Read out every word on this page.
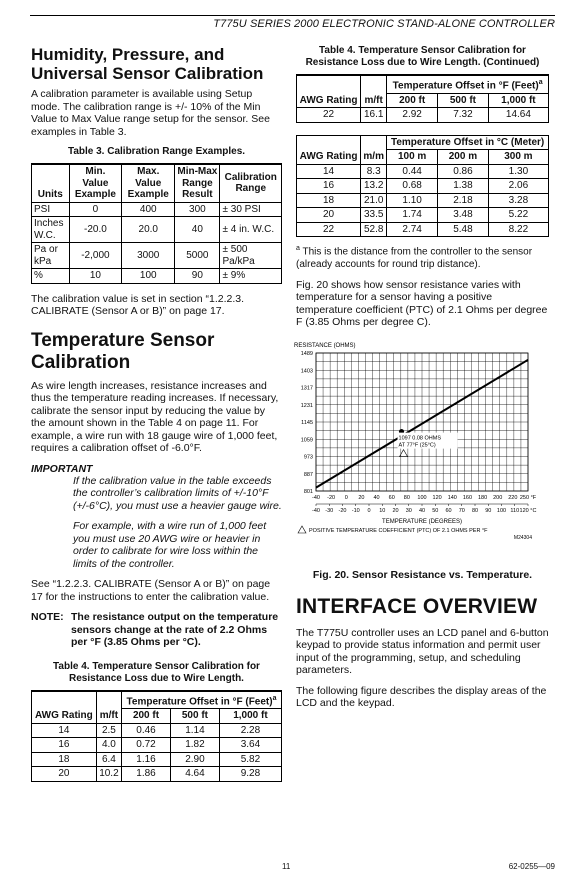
T775U SERIES 2000 ELECTRONIC STAND-ALONE CONTROLLER
Humidity, Pressure, and Universal Sensor Calibration

A calibration parameter is available using Setup mode. The calibration range is +/- 10% of the Min Value to Max Value range setup for the sensor. See examples in Table 3.

Table 3. Calibration Range Examples.
Units	Min. Value Example	Max. Value Example	Min-Max Range Result	Calibration Range
PSI	0	400	300	± 30 PSI
Inches W.C.	-20.0	20.0	40	± 4 in. W.C.
Pa or kPa	-2,000	3000	5000	± 500 Pa/kPa
%	10	100	90	± 9%

The calibration value is set in section “1.2.2.3. CALIBRATE (Sensor A or B)” on page 17.

Temperature Sensor Calibration

As wire length increases, resistance increases and thus the temperature reading increases. If necessary, calibrate the sensor input by reducing the value by the amount shown in the Table 4 on page 11. For example, a wire run with 18 gauge wire of 1,000 feet, requires a calibration offset of -6.0°F.

IMPORTANT
If the calibration value in the table exceeds the controller’s calibration limits of +/-10°F (+/-6°C), you must use a heavier gauge wire.
For example, with a wire run of 1,000 feet you must use 20 AWG wire or heavier in order to calibrate for wire loss within the limits of the controller.

See “1.2.2.3. CALIBRATE (Sensor A or B)” on page 17 for the instructions to enter the calibration value.

NOTE: The resistance output on the temperature sensors change at the rate of 2.2 Ohms per °F (3.85 Ohms per °C).
Table 4. Temperature Sensor Calibration for Resistance Loss due to Wire Length.
AWG Rating	m/ft	Temperature Offset in °F (Feet)$^a$
		200 ft	500 ft	1,000 ft
14	2.5	0.46	1.14	2.28
16	4.0	0.72	1.82	3.64
18	6.4	1.16	2.90	5.82
20	10.2	1.86	4.64	9.28
Table 4. Temperature Sensor Calibration for Resistance Loss due to Wire Length. (Continued)
AWG Rating	m/ft	Temperature Offset in °F (Feet)$^a$
		200 ft	500 ft	1,000 ft
22	16.1	2.92	7.32	14.64

AWG Rating	m/m	Temperature Offset in °C (Meter)		
		100 m	200 m	300 m
14	8.3	0.44	0.86	1.30
16	13.2	0.68	1.38	2.06
18	21.0	1.10	2.18	3.28
20	33.5	1.74	3.48	5.22
22	52.8	2.74	5.48	8.22
$^a$ This is the distance from the controller to the sensor (already accounts for round trip distance).

Fig. 20 shows how sensor resistance varies with temperature for a sensor having a positive temperature coefficient (PTC) of 2.1 Ohms per degree F (3.85 Ohms per degree C).

RESISTANCE (OHMS)
801
887
973
1059
1145
1231
1317
1403
1489
-40 -20 0 20 40 60 80 100 120 140 160 180 200 220 250 °F
-40 -30 -20 -10 0 10 20 30 40 50 60 70 80 90 100 110 120 °C
TEMPERATURE (DEGREES)
1097 0.08 OHMS
AT 77°F (25°C)
POSITIVE TEMPERATURE COEFFICIENT (PTC) OF 2.1 OHMS PER °F
M24304
Fig. 20. Sensor Resistance vs. Temperature.
INTERFACE OVERVIEW

The T775U controller uses an LCD panel and 6-button keypad to provide status information and permit user input of the programming, setup, and scheduling parameters.

The following figure describes the display areas of the LCD and the keypad.

11	62-0255—09
